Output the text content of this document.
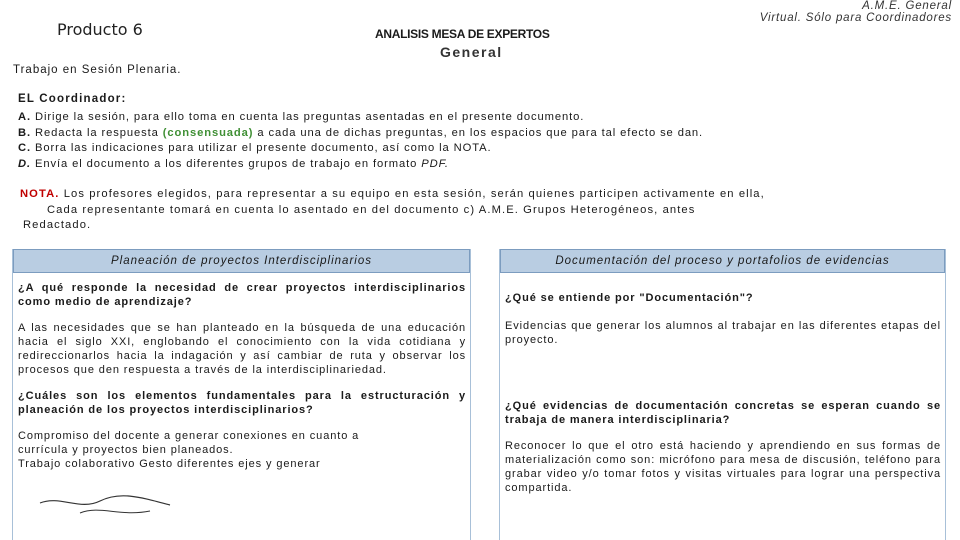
Producto 6	ANALISIS MESA DE EXPERTOS
General
A.M.E. General
Virtual. Sólo para Coordinadores
Trabajo en Sesión Plenaria.
EL Coordinador:
A. Dirige la sesión, para ello toma en cuenta las preguntas asentadas en el presente documento.
B. Redacta la respuesta (consensuada) a cada una de dichas preguntas, en los espacios que para tal efecto se dan.
C. Borra las indicaciones para utilizar el presente documento, así como la NOTA.
D. Envía el documento a los diferentes grupos de trabajo en formato PDF.
NOTA. Los profesores elegidos, para representar a su equipo en esta sesión, serán quienes participen activamente en ella,
Cada representante tomará en cuenta lo asentado en del documento c) A.M.E. Grupos Heterogéneos, antes
Redactado.
Planeación de proyectos Interdisciplinarios

¿A qué responde la necesidad de crear proyectos interdisciplinarios como medio de aprendizaje?

A las necesidades que se han planteado en la búsqueda de una educación hacia el siglo XXI, englobando el conocimiento con la vida cotidiana y redireccionarlos hacia la indagación y así cambiar de ruta y observar los procesos que den respuesta a través de la interdisciplinariedad.

¿Cuáles son los elementos fundamentales para la estructuración y planeación de los proyectos interdisciplinarios?

Compromiso del docente a generar conexiones en cuanto a
currícula y proyectos bien planeados.
Trabajo colaborativo Gesto diferentes ejes y generar
Documentación del proceso y portafolios de evidencias

¿Qué se entiende por "Documentación"?

Evidencias que generar los alumnos al trabajar en las diferentes etapas del proyecto.

¿Qué evidencias de documentación concretas se esperan cuando se trabaja de manera interdisciplinaria?

Reconocer lo que el otro está haciendo y aprendiendo en sus formas de materialización como son: micrófono para mesa de discusión, teléfono para grabar video y/o tomar fotos y visitas virtuales para lograr una perspectiva compartida.
